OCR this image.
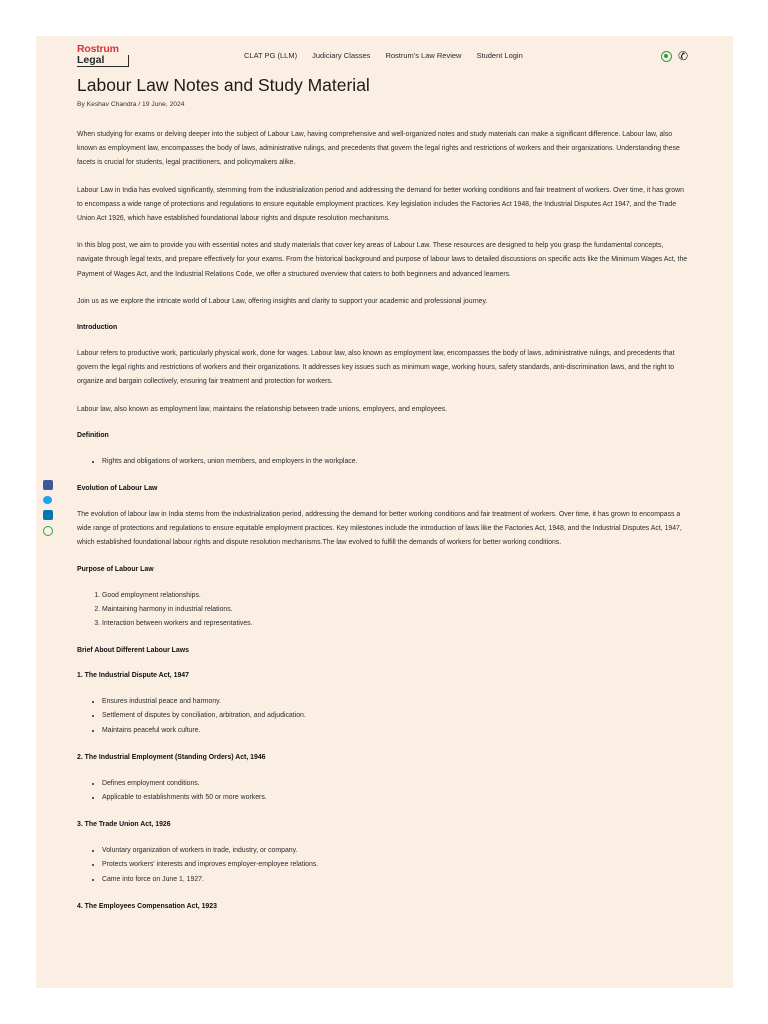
Rostrum
Legal	CLAT PG (LLM) Judiciary Classes Rostrum's Law Review Student Login	✆
Labour Law Notes and Study Material
By Keshav Chandra / 19 June, 2024

When studying for exams or delving deeper into the subject of Labour Law, having comprehensive and well-organized notes and study materials can make a significant difference. Labour law, also known as employment law, encompasses the body of laws, administrative rulings, and precedents that govern the legal rights and restrictions of workers and their organizations. Understanding these facets is crucial for students, legal practitioners, and policymakers alike.

Labour Law in India has evolved significantly, stemming from the industrialization period and addressing the demand for better working conditions and fair treatment of workers. Over time, it has grown to encompass a wide range of protections and regulations to ensure equitable employment practices. Key legislation includes the Factories Act 1948, the Industrial Disputes Act 1947, and the Trade Union Act 1926, which have established foundational labour rights and dispute resolution mechanisms.

In this blog post, we aim to provide you with essential notes and study materials that cover key areas of Labour Law. These resources are designed to help you grasp the fundamental concepts, navigate through legal texts, and prepare effectively for your exams. From the historical background and purpose of labour laws to detailed discussions on specific acts like the Minimum Wages Act, the Payment of Wages Act, and the Industrial Relations Code, we offer a structured overview that caters to both beginners and advanced learners.

Join us as we explore the intricate world of Labour Law, offering insights and clarity to support your academic and professional journey.

Introduction

Labour refers to productive work, particularly physical work, done for wages. Labour law, also known as employment law, encompasses the body of laws, administrative rulings, and precedents that govern the legal rights and restrictions of workers and their organizations. It addresses key issues such as minimum wage, working hours, safety standards, anti-discrimination laws, and the right to organize and bargain collectively, ensuring fair treatment and protection for workers.

Labour law, also known as employment law, maintains the relationship between trade unions, employers, and employees.

Definition
• Rights and obligations of workers, union members, and employers in the workplace.
Evolution of Labour Law

The evolution of labour law in India stems from the industrialization period, addressing the demand for better working conditions and fair treatment of workers. Over time, it has grown to encompass a wide range of protections and regulations to ensure equitable employment practices. Key milestones include the introduction of laws like the Factories Act, 1948, and the Industrial Disputes Act, 1947, which established foundational labour rights and dispute resolution mechanisms.The law evolved to fulfill the demands of workers for better working conditions.

Purpose of Labour Law
1. Good employment relationships.
2. Maintaining harmony in industrial relations.
3. Interaction between workers and representatives.
Brief About Different Labour Laws
1. The Industrial Dispute Act, 1947
• Ensures industrial peace and harmony.
• Settlement of disputes by conciliation, arbitration, and adjudication.
• Maintains peaceful work culture.
2. The Industrial Employment (Standing Orders) Act, 1946
• Defines employment conditions.
• Applicable to establishments with 50 or more workers.
3. The Trade Union Act, 1926
• Voluntary organization of workers in trade, industry, or company.
• Protects workers' interests and improves employer-employee relations.
• Came into force on June 1, 1927.
4. The Employees Compensation Act, 1923
